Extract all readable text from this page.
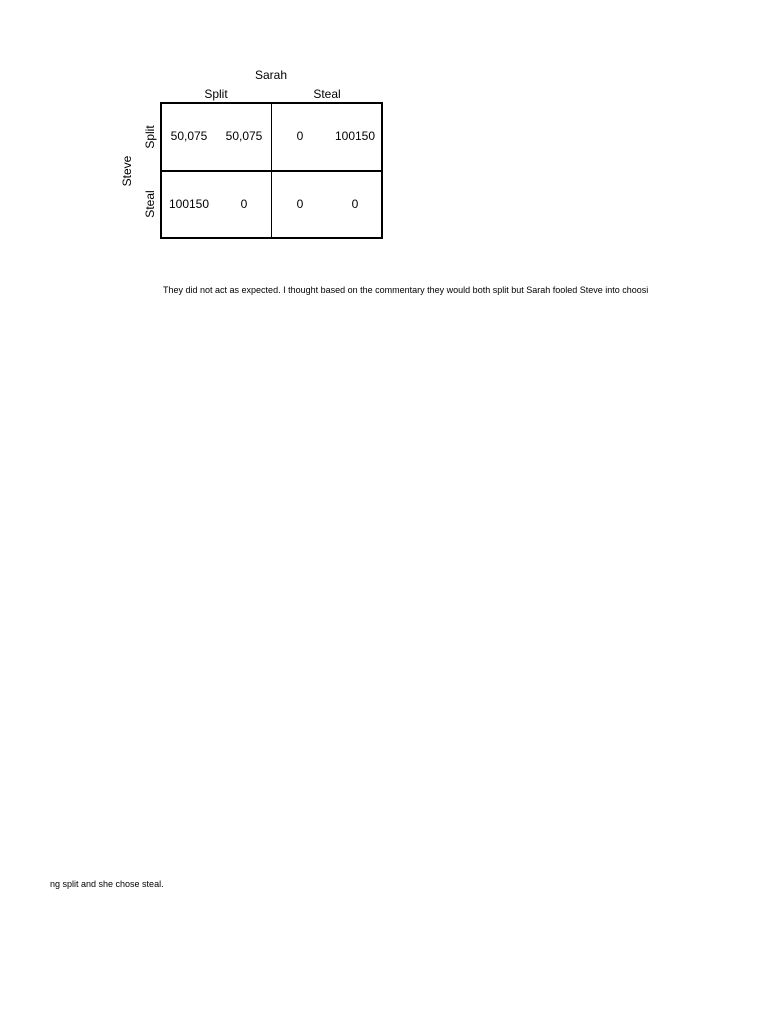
Sarah
Split	Steal
Steve
Split
Steal
50,075	50,075	0	100150
100150	0	0	0
They did not act as expected. I thought based on the commentary they would both split but Sarah fooled Steve into choosi
ng split and she chose steal.
